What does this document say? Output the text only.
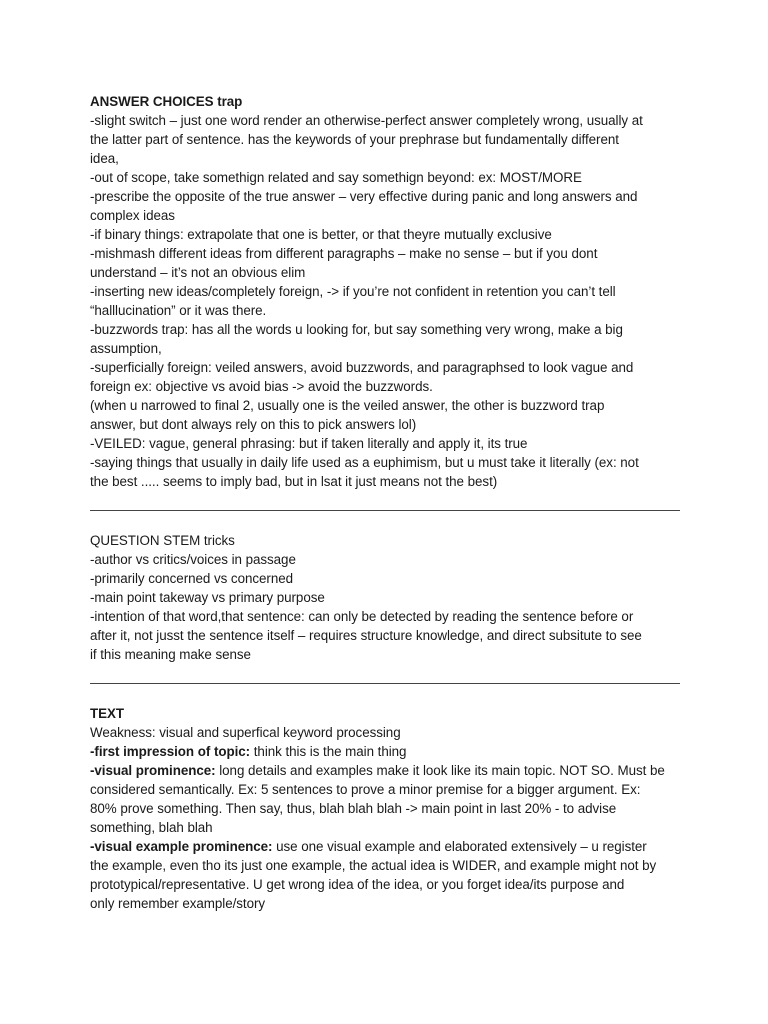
ANSWER CHOICES trap
-slight switch – just one word render an otherwise-perfect answer completely wrong, usually at
the latter part of sentence. has the keywords of your prephrase but fundamentally different
idea,
-out of scope, take somethign related and say somethign beyond: ex: MOST/MORE
-prescribe the opposite of the true answer – very effective during panic and long answers and
complex ideas
-if binary things: extrapolate that one is better, or that theyre mutually exclusive
-mishmash different ideas from different paragraphs – make no sense – but if you dont
understand – it’s not an obvious elim
-inserting new ideas/completely foreign, -> if you’re not confident in retention you can’t tell
“halllucination” or it was there.
-buzzwords trap: has all the words u looking for, but say something very wrong, make a big
assumption,
-superficially foreign: veiled answers, avoid buzzwords, and paragraphsed to look vague and
foreign ex: objective vs avoid bias -> avoid the buzzwords.
(when u narrowed to final 2, usually one is the veiled answer, the other is buzzword trap
answer, but dont always rely on this to pick answers lol)
-VEILED: vague, general phrasing: but if taken literally and apply it, its true
-saying things that usually in daily life used as a euphimism, but u must take it literally (ex: not
the best ..... seems to imply bad, but in lsat it just means not the best)
QUESTION STEM tricks
-author vs critics/voices in passage
-primarily concerned vs concerned
-main point takeway vs primary purpose
-intention of that word,that sentence: can only be detected by reading the sentence before or
after it, not jusst the sentence itself – requires structure knowledge, and direct subsitute to see
if this meaning make sense
TEXT
Weakness: visual and superfical keyword processing
-first impression of topic: think this is the main thing
-visual prominence: long details and examples make it look like its main topic. NOT SO. Must be
considered semantically. Ex: 5 sentences to prove a minor premise for a bigger argument. Ex:
80% prove something. Then say, thus, blah blah blah -> main point in last 20% - to advise
something, blah blah
-visual example prominence: use one visual example and elaborated extensively – u register
the example, even tho its just one example, the actual idea is WIDER, and example might not by
prototypical/representative. U get wrong idea of the idea, or you forget idea/its purpose and
only remember example/story
